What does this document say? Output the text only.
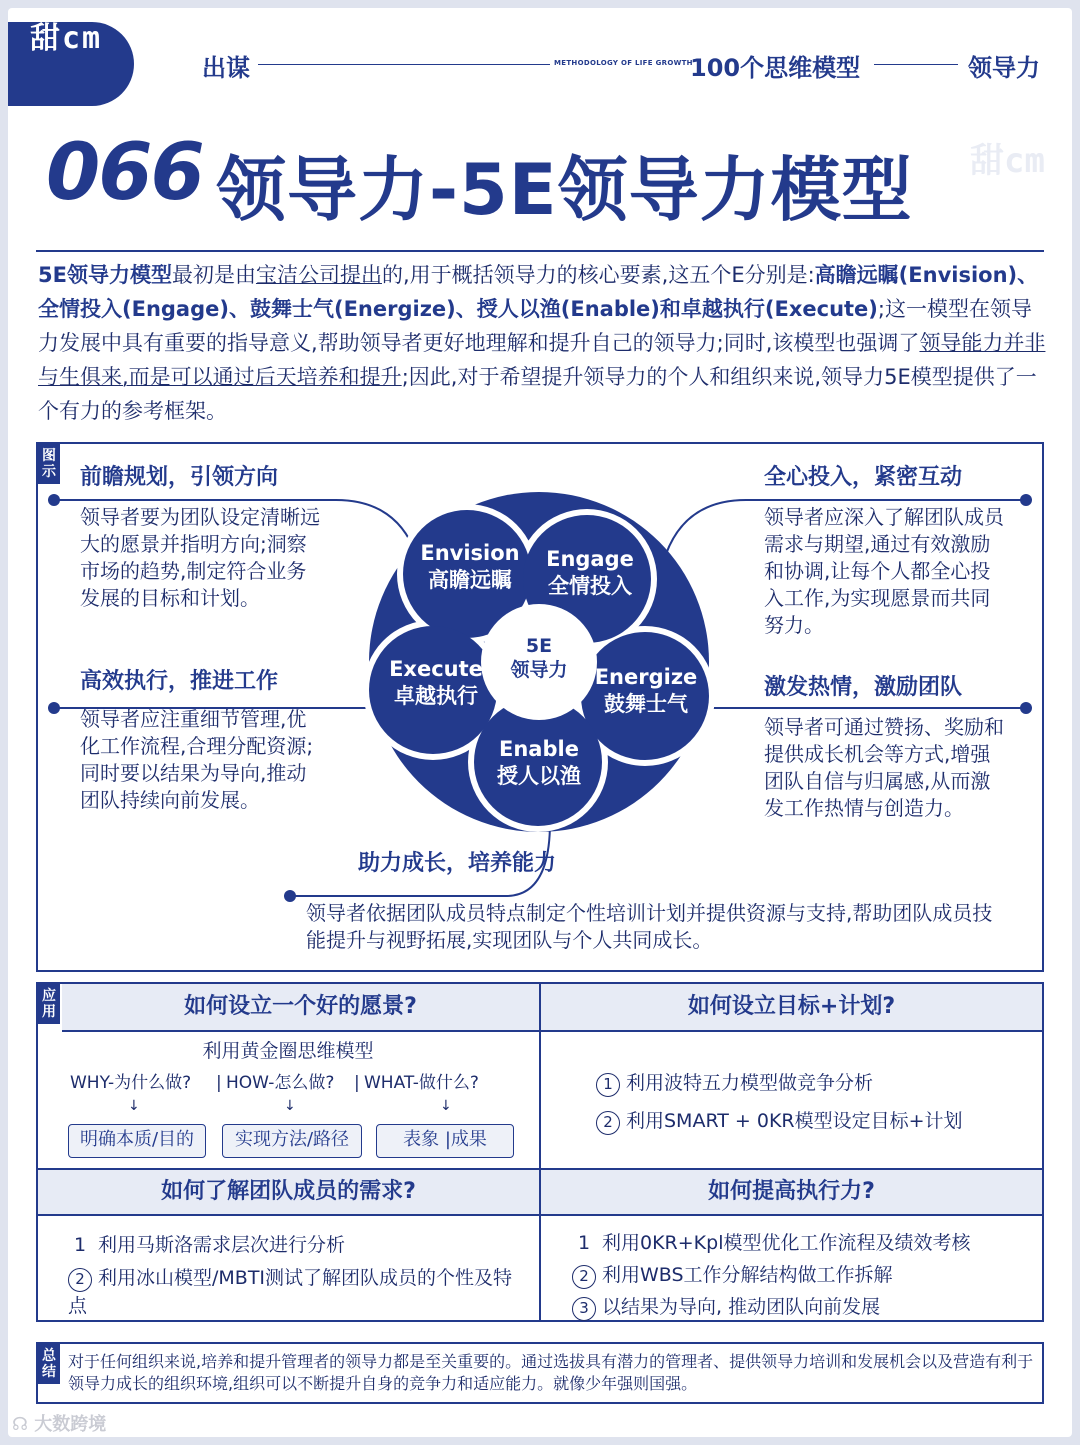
甜cm
出谋	METHODOLOGY OF LIFE GROWTH
100个思维模型	领导力
066 领导力-5E领导力模型 甜cm
5E领导力模型最初是由宝洁公司提出的,用于概括领导力的核心要素,这五个E分别是:高瞻远瞩(Envision)、全情投入(Engage)、鼓舞士气(Energize)、授人以渔(Enable)和卓越执行(Execute);这一模型在领导力发展中具有重要的指导意义,帮助领导者更好地理解和提升自己的领导力;同时,该模型也强调了领导能力并非与生俱来,而是可以通过后天培养和提升;因此,对于希望提升领导力的个人和组织来说,领导力5E模型提供了一个有力的参考框架。
图示
Envision
高瞻远瞩
Engage
全情投入
Execute
卓越执行
Energize
鼓舞士气
Enable
授人以渔
5E
领导力
前瞻规划，引领方向
领导者要为团队设定清晰远大的愿景并指明方向;洞察市场的趋势,制定符合业务发展的目标和计划。
全心投入，紧密互动
领导者应深入了解团队成员需求与期望,通过有效激励和协调,让每个人都全心投入工作,为实现愿景而共同努力。
高效执行，推进工作
领导者应注重细节管理,优化工作流程,合理分配资源;同时要以结果为导向,推动团队持续向前发展。
激发热情，激励团队
领导者可通过赞扬、奖励和提供成长机会等方式,增强团队自信与归属感,从而激发工作热情与创造力。
助力成长，培养能力
领导者依据团队成员特点制定个性培训计划并提供资源与支持,帮助团队成员技能提升与视野拓展,实现团队与个人共同成长。
应用	如何设立一个好的愿景?
利用黄金圈思维模型
WHY-为什么做? | HOW-怎么做? | WHAT-做什么?
↓	↓	↓
明确本质/目的	实现方法/路径	表象 |成果
如何设立目标+计划?
1 利用波特五力模型做竞争分析
2 利用SMART + 0KR模型设定目标+计划
如何了解团队成员的需求?
1 利用马斯洛需求层次进行分析
2 利用冰山模型/MBTI测试了解团队成员的个性及特点
如何提高执行力?
1 利用0KR+Kpl模型优化工作流程及绩效考核
2 利用WBS工作分解结构做工作拆解
3 以结果为导向, 推动团队向前发展
总结
对于任何组织来说,培养和提升管理者的领导力都是至关重要的。通过选拔具有潜力的管理者、提供领导力培训和发展机会以及营造有利于领导力成长的组织环境,组织可以不断提升自身的竞争力和适应能力。就像少年强则国强。
☊ 大数跨境
